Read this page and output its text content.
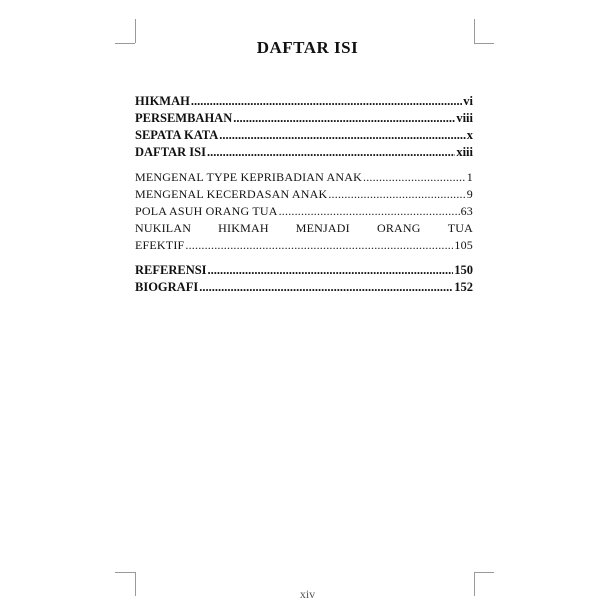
DAFTAR ISI
HIKMAH .....	vi
PERSEMBAHAN .....	viii
SEPATA KATA .....	x
DAFTAR ISI .....	xiii
MENGENAL TYPE KEPRIBADIAN ANAK .....	1
MENGENAL KECERDASAN ANAK .....	9
POLA ASUH ORANG TUA .....	63
NUKILAN HIKMAH MENJADI ORANG TUA
EFEKTIF .....	105
REFERENSI .....	150
BIOGRAFI .....	152
xiv
